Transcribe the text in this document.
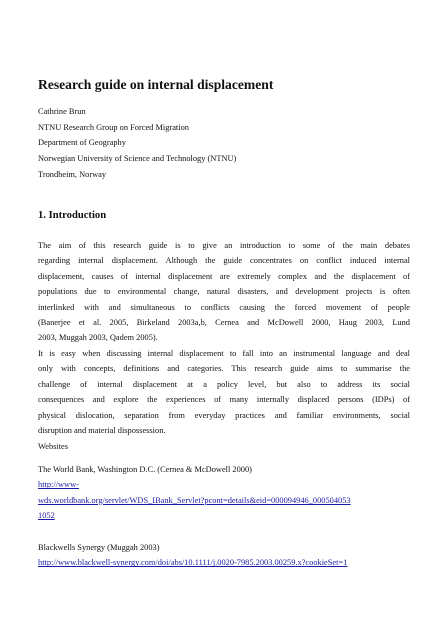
Research guide on internal displacement
Cathrine Brun
NTNU Research Group on Forced Migration
Department of Geography
Norwegian University of Science and Technology (NTNU)
Trondheim, Norway
1. Introduction
The aim of this research guide is to give an introduction to some of the main debates
regarding internal displacement. Although the guide concentrates on conflict induced internal
displacement, causes of internal displacement are extremely complex and the displacement of
populations due to environmental change, natural disasters, and development projects is often
interlinked with and simultaneous to conflicts causing the forced movement of people
(Banerjee et al. 2005, Birkeland 2003a,b, Cernea and McDowell 2000, Haug 2003, Lund
2003, Muggah 2003, Qadem 2005).
It is easy when discussing internal displacement to fall into an instrumental language and deal
only with concepts, definitions and categories. This research guide aims to summarise the
challenge of internal displacement at a policy level, but also to address its social
consequences and explore the experiences of many internally displaced persons (IDPs) of
physical dislocation, separation from everyday practices and familiar environments, social
disruption and material dispossession.
Websites
The World Bank, Washington D.C. (Cernea & McDowell 2000)
http://www-
wds.worldbank.org/servlet/WDS_IBank_Servlet?pcont=details&eid=000094946_000504053
1052
Blackwells Synergy (Muggah 2003)
http://www.blackwell-synergy.com/doi/abs/10.1111/j.0020-7985.2003.00259.x?cookieSet=1
